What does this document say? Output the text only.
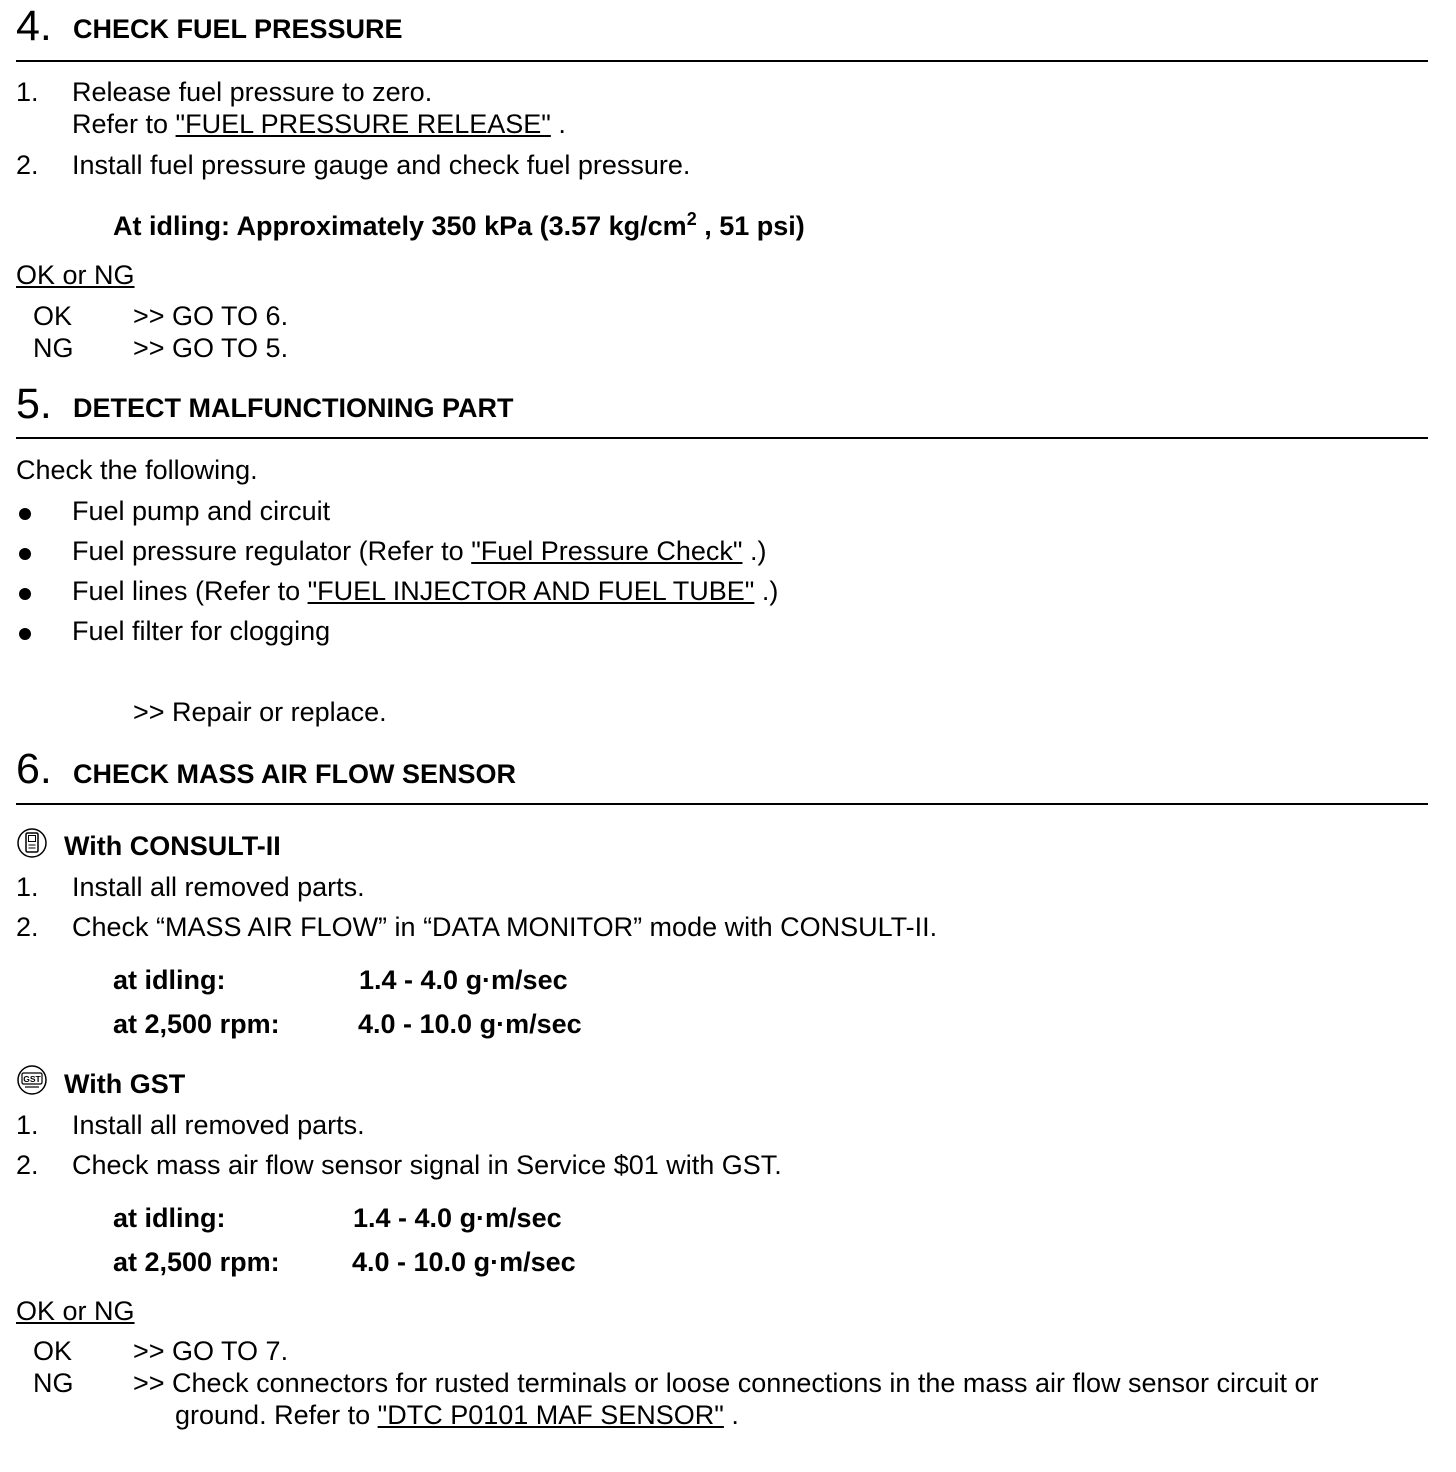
4. CHECK FUEL PRESSURE
1. Release fuel pressure to zero.
Refer to "FUEL PRESSURE RELEASE" .
2. Install fuel pressure gauge and check fuel pressure.
At idling: Approximately 350 kPa (3.57 $kg/cm^2$ , 51 psi)
OK or NG
OK >> GO TO 6.
NG >> GO TO 5.
5. DETECT MALFUNCTIONING PART
Check the following.
Fuel pump and circuit
Fuel pressure regulator (Refer to "Fuel Pressure Check" .)
Fuel lines (Refer to "FUEL INJECTOR AND FUEL TUBE" .)
Fuel filter for clogging
>> Repair or replace.
6. CHECK MASS AIR FLOW SENSOR
With CONSULT-II
1. Install all removed parts.
2. Check “MASS AIR FLOW” in “DATA MONITOR” mode with CONSULT-II.
at idling:	1.4 - 4.0 g·m/sec
at 2,500 rpm:	4.0 - 10.0 g·m/sec
GST With GST
1. Install all removed parts.
2. Check mass air flow sensor signal in Service $01 with GST.
at idling:	1.4 - 4.0 g·m/sec
at 2,500 rpm:	4.0 - 10.0 g·m/sec
OK or NG
OK >> GO TO 7.
NG >> Check connectors for rusted terminals or loose connections in the mass air flow sensor circuit or
ground. Refer to "DTC P0101 MAF SENSOR" .
